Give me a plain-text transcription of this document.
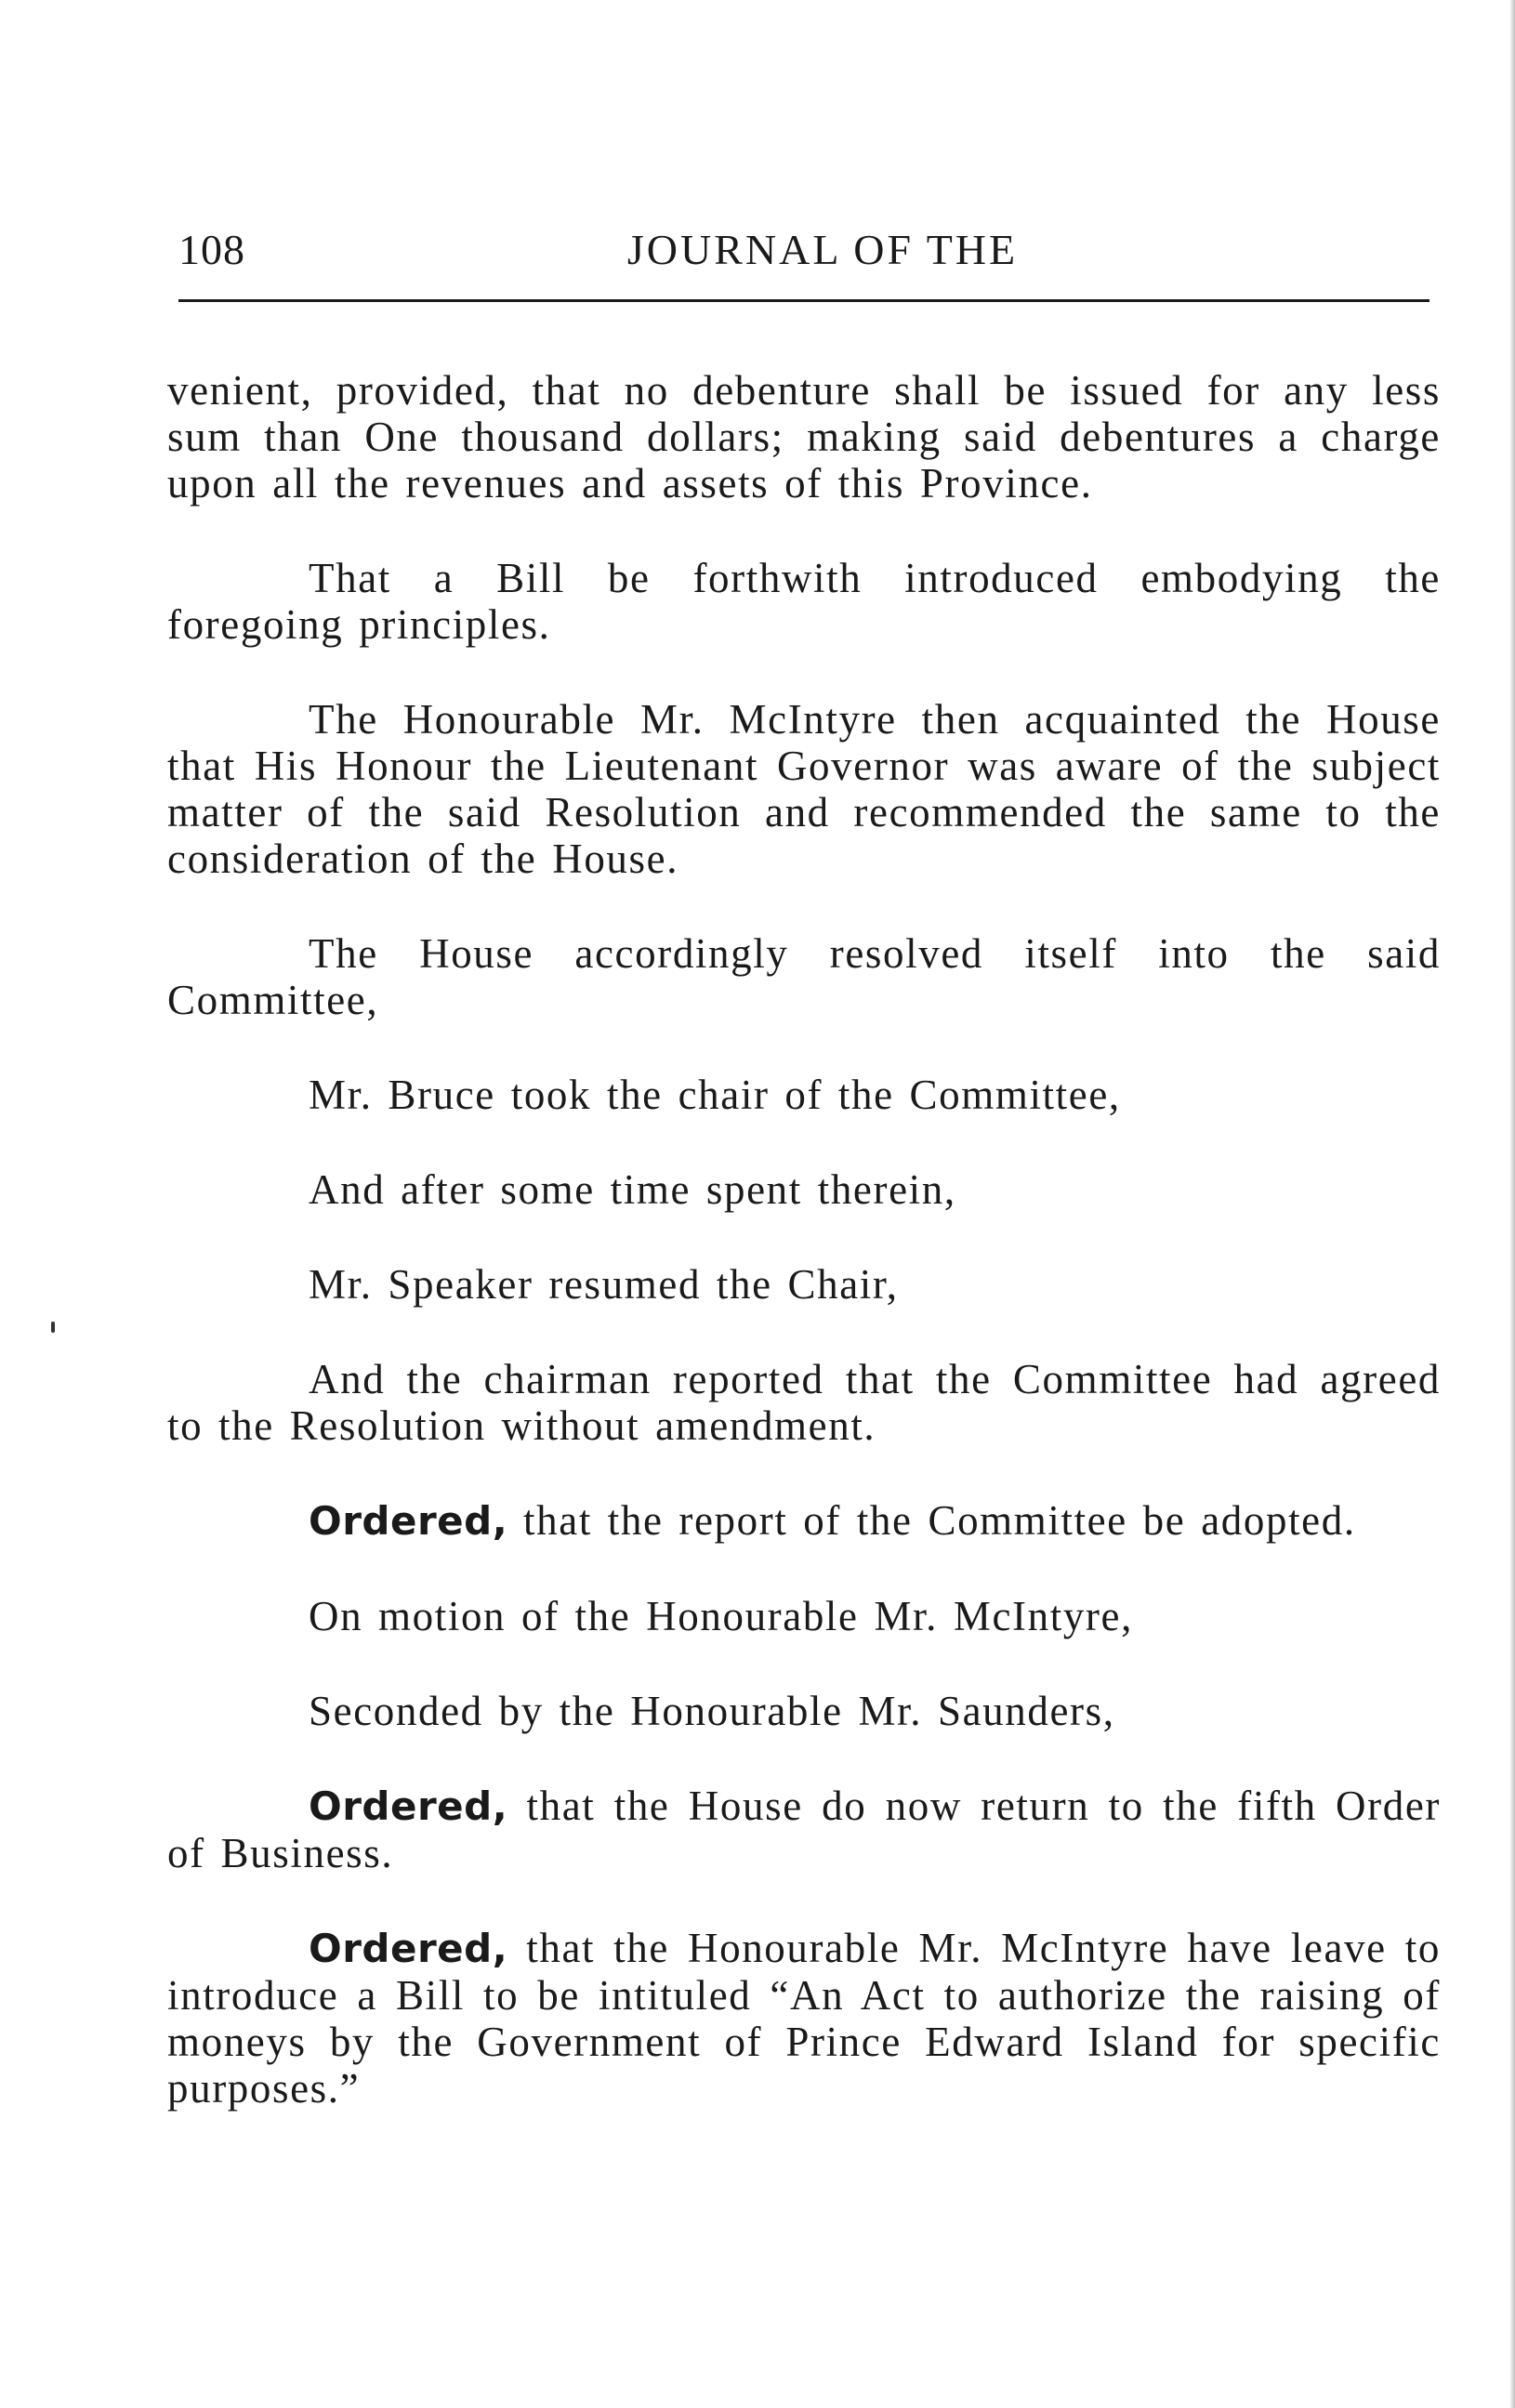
108	JOURNAL OF THE

venient, provided, that no debenture shall be issued for any less sum than One thousand dollars; making said debentures a charge upon all the revenues and assets of this Province.

That a Bill be forthwith introduced embodying the foregoing principles.

The Honourable Mr. McIntyre then acquainted the House that His Honour the Lieutenant Governor was aware of the subject matter of the said Resolution and recommended the same to the consideration of the House.

The House accordingly resolved itself into the said Committee,

Mr. Bruce took the chair of the Committee,

And after some time spent therein,

Mr. Speaker resumed the Chair,

And the chairman reported that the Committee had agreed to the Resolution without amendment.

Ordered, that the report of the Committee be adopted.

On motion of the Honourable Mr. McIntyre,

Seconded by the Honourable Mr. Saunders,

Ordered, that the House do now return to the fifth Order of Business.

Ordered, that the Honourable Mr. McIntyre have leave to introduce a Bill to be intituled “An Act to authorize the raising of moneys by the Government of Prince Edward Island for specific purposes.”
